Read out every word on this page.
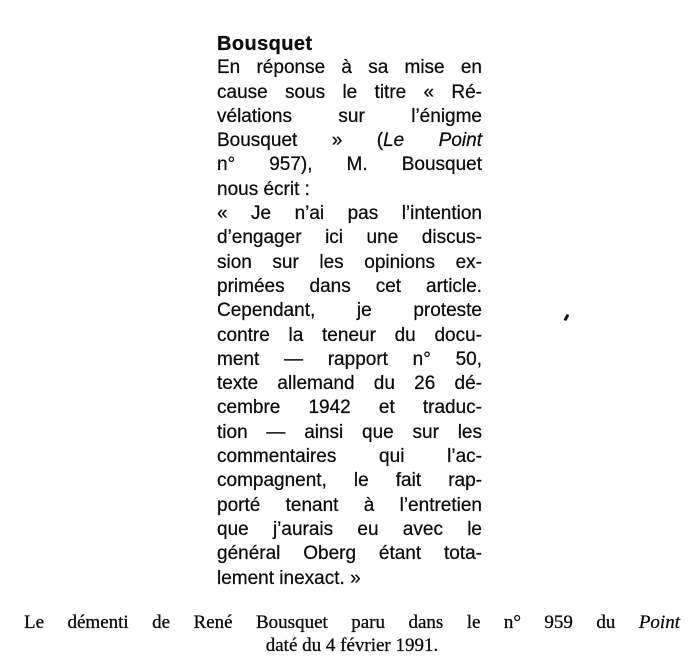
Bousquet
En réponse à sa mise en
cause sous le titre « Ré-
vélations sur l’énigme
Bousquet » (Le Point
n° 957), M. Bousquet
nous écrit :
« Je n’ai pas l’intention
d’engager ici une discus-
sion sur les opinions ex-
primées dans cet article.
Cependant, je proteste
contre la teneur du docu-
ment — rapport n° 50,
texte allemand du 26 dé-
cembre 1942 et traduc-
tion — ainsi que sur les
commentaires qui l’ac-
compagnent, le fait rap-
porté tenant à l’entretien
que j’aurais eu avec le
général Oberg étant tota-
lement inexact. »
Le démenti de René Bousquet paru dans le n° 959 du Point
daté du 4 février 1991.
